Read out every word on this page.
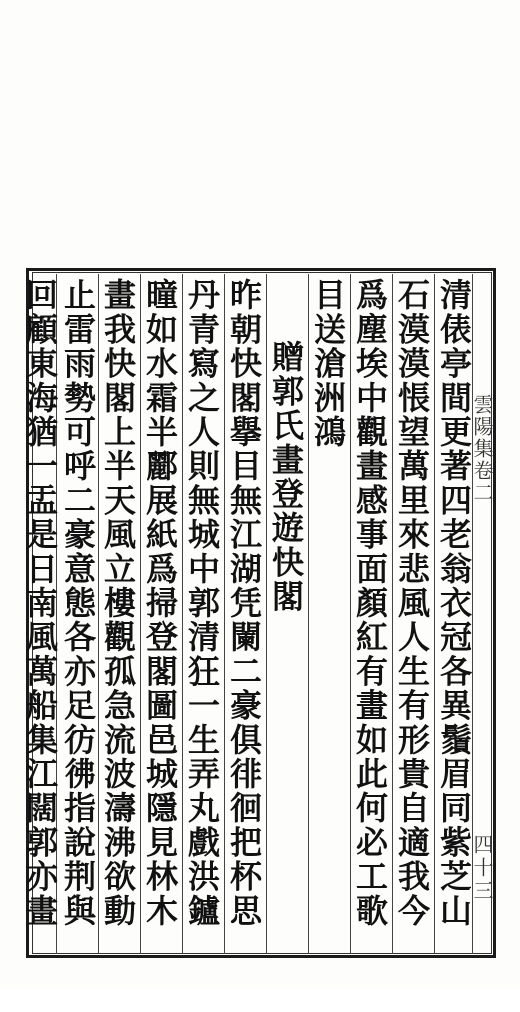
雲陽集卷二
四十三
清俵亭間更著四老翁衣冠各異鬚眉同紫芝山
石漠漠悵望萬里來悲風人生有形貴自適我今
爲塵埃中觀畫感事面顏紅有畫如此何必工歌
目送滄洲鴻
贈郭氏畫登遊快閣
昨朝快閣擧目無江湖凭闌二豪俱徘徊把杯思
丹青寫之人則無城中郭清狂一生弄丸戲洪鑪
曈如水霜半酈展紙爲掃登閣圖邑城隱見林木
畫我快閣上半天風立樓觀孤急流波濤沸欲動
止雷雨勢可呼二豪意態各亦足彷彿指說荆與
回顧東海猶一盂是日南風萬船集江闊郭亦畫
